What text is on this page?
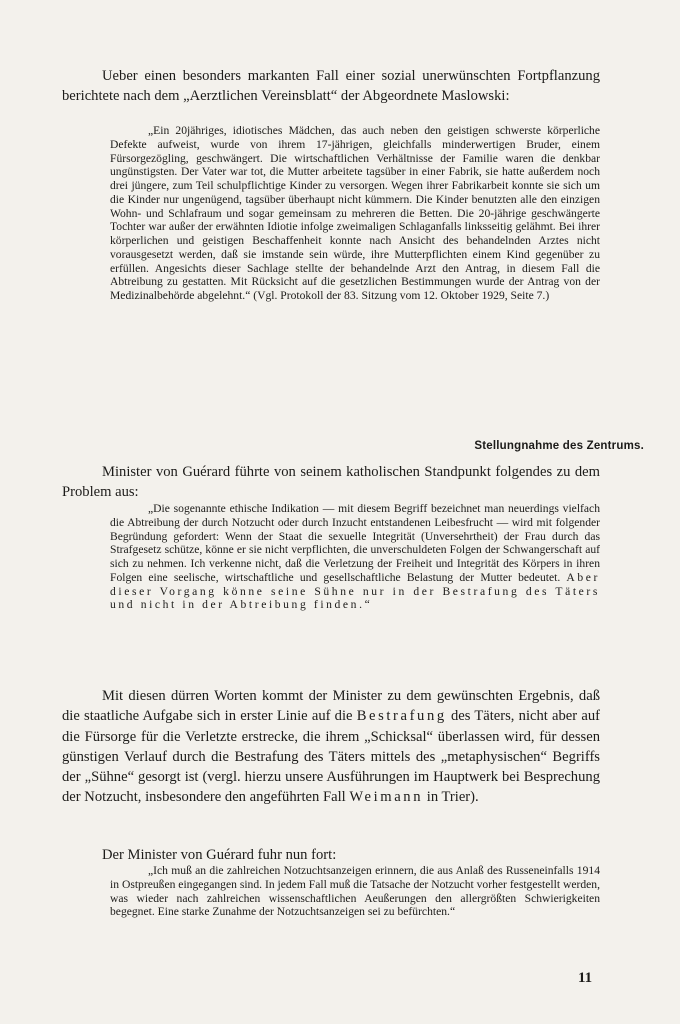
Ueber einen besonders markanten Fall einer sozial unerwünschten Fortpflanzung berichtete nach dem „Aerztlichen Vereinsblatt“ der Abgeordnete Maslowski:

„Ein 20jähriges, idiotisches Mädchen, das auch neben den geistigen schwerste körperliche Defekte aufweist, wurde von ihrem 17-jährigen, gleichfalls minderwertigen Bruder, einem Fürsorgezögling, geschwängert. Die wirtschaftlichen Verhältnisse der Familie waren die denkbar ungünstigsten. Der Vater war tot, die Mutter arbeitete tagsüber in einer Fabrik, sie hatte außerdem noch drei jüngere, zum Teil schulpflichtige Kinder zu versorgen. Wegen ihrer Fabrikarbeit konnte sie sich um die Kinder nur ungenügend, tagsüber überhaupt nicht kümmern. Die Kinder benutzten alle den einzigen Wohn- und Schlafraum und sogar gemeinsam zu mehreren die Betten. Die 20-jährige geschwängerte Tochter war außer der erwähnten Idiotie infolge zweimaligen Schlaganfalls linksseitig gelähmt. Bei ihrer körperlichen und geistigen Beschaffenheit konnte nach Ansicht des behandelnden Arztes nicht vorausgesetzt werden, daß sie imstande sein würde, ihre Mutterpflichten einem Kind gegenüber zu erfüllen. Angesichts dieser Sachlage stellte der behandelnde Arzt den Antrag, in diesem Fall die Abtreibung zu gestatten. Mit Rücksicht auf die gesetzlichen Bestimmungen wurde der Antrag von der Medizinalbehörde abgelehnt.“ (Vgl. Protokoll der 83. Sitzung vom 12. Oktober 1929, Seite 7.)

Stellungnahme des Zentrums.

Minister von Guérard führte von seinem katholischen Standpunkt folgendes zu dem Problem aus:

„Die sogenannte ethische Indikation — mit diesem Begriff bezeichnet man neuerdings vielfach die Abtreibung der durch Notzucht oder durch Inzucht entstandenen Leibesfrucht — wird mit folgender Begründung gefordert: Wenn der Staat die sexuelle Integrität (Unversehrtheit) der Frau durch das Strafgesetz schütze, könne er sie nicht verpflichten, die unverschuldeten Folgen der Schwangerschaft auf sich zu nehmen. Ich verkenne nicht, daß die Verletzung der Freiheit und Integrität des Körpers in ihren Folgen eine seelische, wirtschaftliche und gesellschaftliche Belastung der Mutter bedeutet. Aber dieser Vorgang könne seine Sühne nur in der Bestrafung des Täters und nicht in der Abtreibung finden.“

Mit diesen dürren Worten kommt der Minister zu dem gewünschten Ergebnis, daß die staatliche Aufgabe sich in erster Linie auf die Bestrafung des Täters, nicht aber auf die Fürsorge für die Verletzte erstrecke, die ihrem „Schicksal“ überlassen wird, für dessen günstigen Verlauf durch die Bestrafung des Täters mittels des „metaphysischen“ Begriffs der „Sühne“ gesorgt ist (vergl. hierzu unsere Ausführungen im Hauptwerk bei Besprechung der Notzucht, insbesondere den angeführten Fall Weimann in Trier).

Der Minister von Guérard fuhr nun fort:

„Ich muß an die zahlreichen Notzuchtsanzeigen erinnern, die aus Anlaß des Russeneinfalls 1914 in Ostpreußen eingegangen sind. In jedem Fall muß die Tatsache der Notzucht vorher festgestellt werden, was wieder nach zahlreichen wissenschaftlichen Aeußerungen den allergrößten Schwierigkeiten begegnet. Eine starke Zunahme der Notzuchtsanzeigen sei zu befürchten.“

11
